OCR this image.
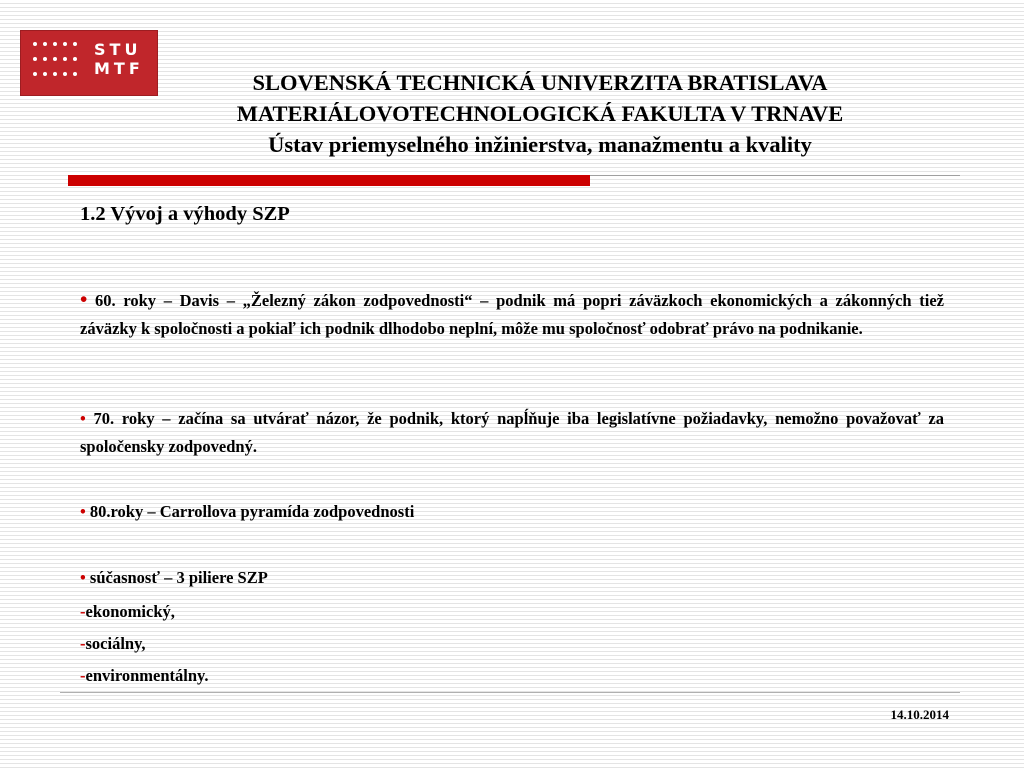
STU
MTF
SLOVENSKÁ TECHNICKÁ UNIVERZITA BRATISLAVA
MATERIÁLOVOTECHNOLOGICKÁ FAKULTA V TRNAVE
Ústav priemyselného inžinierstva, manažmentu a kvality
1.2 Vývoj a výhody SZP
• 60. roky – Davis – „Železný zákon zodpovednosti“ – podnik má popri záväzkoch ekonomických a zákonných tiež záväzky k spoločnosti a pokiaľ ich podnik dlhodobo neplní, môže mu spoločnosť odobrať právo na podnikanie.
• 70. roky – začína sa utvárať názor, že podnik, ktorý napĺňuje iba legislatívne požiadavky, nemožno považovať za spoločensky zodpovedný.
• 80.roky – Carrollova pyramída zodpovednosti
• súčasnosť – 3 piliere SZP
-ekonomický,
-sociálny,
-environmentálny.
14.10.2014
